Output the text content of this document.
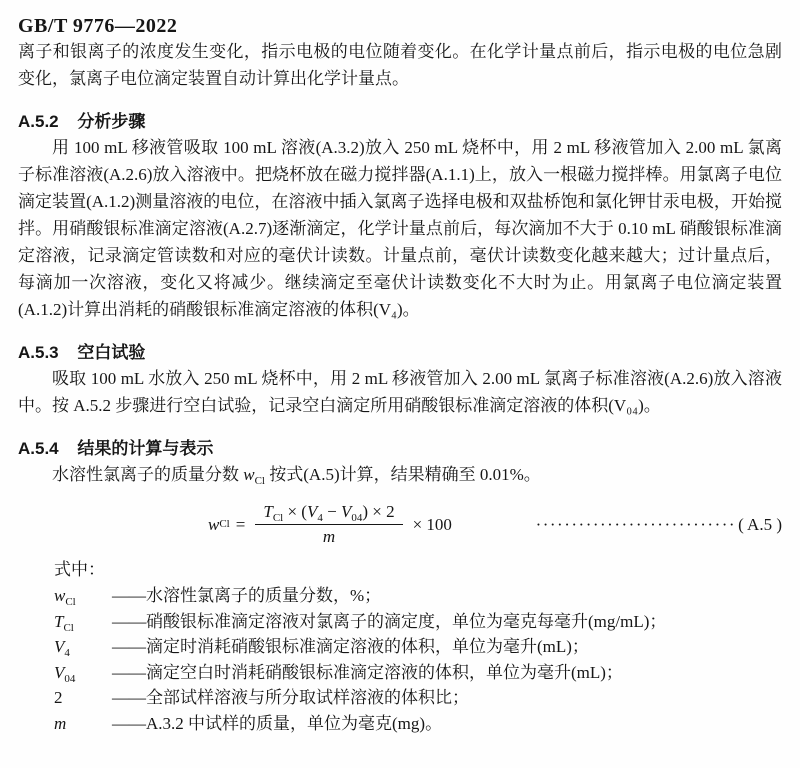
GB/T 9776—2022

离子和银离子的浓度发生变化，指示电极的电位随着变化。在化学计量点前后，指示电极的电位急剧变化，氯离子电位滴定装置自动计算出化学计量点。

A.5.2 分析步骤

用 100 mL 移液管吸取 100 mL 溶液(A.3.2)放入 250 mL 烧杯中，用 2 mL 移液管加入 2.00 mL 氯离子标准溶液(A.2.6)放入溶液中。把烧杯放在磁力搅拌器(A.1.1)上，放入一根磁力搅拌棒。用氯离子电位滴定装置(A.1.2)测量溶液的电位，在溶液中插入氯离子选择电极和双盐桥饱和氯化钾甘汞电极，开始搅拌。用硝酸银标准滴定溶液(A.2.7)逐渐滴定，化学计量点前后，每次滴加不大于 0.10 mL 硝酸银标准滴定溶液，记录滴定管读数和对应的毫伏计读数。计量点前，毫伏计读数变化越来越大；过计量点后，每滴加一次溶液，变化又将减少。继续滴定至毫伏计读数变化不大时为止。用氯离子电位滴定装置(A.1.2)计算出消耗的硝酸银标准滴定溶液的体积(V₄)。

A.5.3 空白试验

吸取 100 mL 水放入 250 mL 烧杯中，用 2 mL 移液管加入 2.00 mL 氯离子标准溶液(A.2.6)放入溶液中。按 A.5.2 步骤进行空白试验，记录空白滴定所用硝酸银标准滴定溶液的体积(V₀₄)。

A.5.4 结果的计算与表示

水溶性氯离子的质量分数 $w_{Cl}$ 按式(A.5)计算，结果精确至 0.01%。

w $Cl = \frac{T_{Cl} \times (V_4 - V_{04}) \times 2}{m} \times 100$	···························· ( A.5 )
式中：
$w_{Cl}$	——水溶性氯离子的质量分数，%；
$T_{Cl}$	——硝酸银标准滴定溶液对氯离子的滴定度，单位为毫克每毫升(mg/mL)；
$V_4$	——滴定时消耗硝酸银标准滴定溶液的体积，单位为毫升(mL)；
$V_{04}$	——滴定空白时消耗硝酸银标准滴定溶液的体积，单位为毫升(mL)；
2	——全部试样溶液与所分取试样溶液的体积比；
m	——A.3.2 中试样的质量，单位为毫克(mg)。
